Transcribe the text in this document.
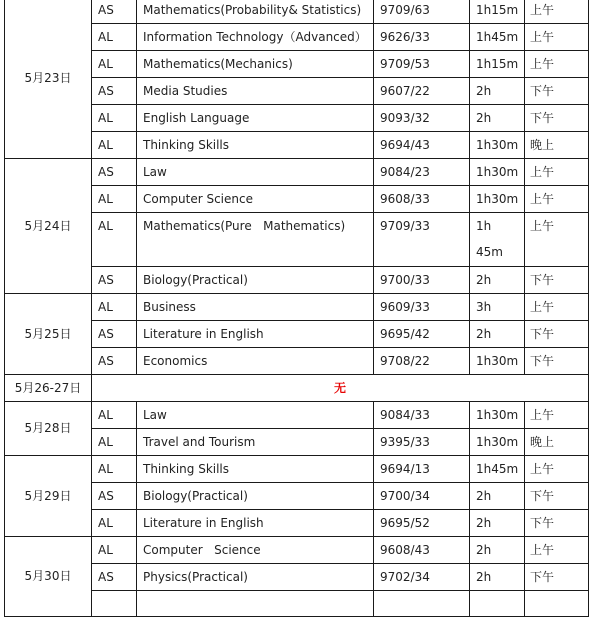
5月23日	AS	Mathematics(Probability& Statistics)	9709/63	1h15m	上午
	AL	Information Technology（Advanced）	9626/33	1h45m	上午
	AL	Mathematics(Mechanics)	9709/53	1h15m	上午
	AS	Media Studies	9607/22	2h	下午
	AL	English Language	9093/32	2h	下午
	AL	Thinking Skills	9694/43	1h30m	晚上
5月24日	AS	Law	9084/23	1h30m	上午
	AL	Computer Science	9608/33	1h30m	上午
	AL	Mathematics(Pure   Mathematics)	9709/33	1h 45m	上午
	AS	Biology(Practical)	9700/33	2h	下午
5月25日	AL	Business	9609/33	3h	上午
	AS	Literature in English	9695/42	2h	下午
	AS	Economics	9708/22	1h30m	下午
5月26-27日	无				
5月28日	AL	Law	9084/33	1h30m	上午
	AL	Travel and Tourism	9395/33	1h30m	晚上
5月29日	AL	Thinking Skills	9694/13	1h45m	上午
	AS	Biology(Practical)	9700/34	2h	下午
	AL	Literature in English	9695/52	2h	下午
5月30日	AL	Computer   Science	9608/43	2h	上午
	AS	Physics(Practical)	9702/34	2h	下午
